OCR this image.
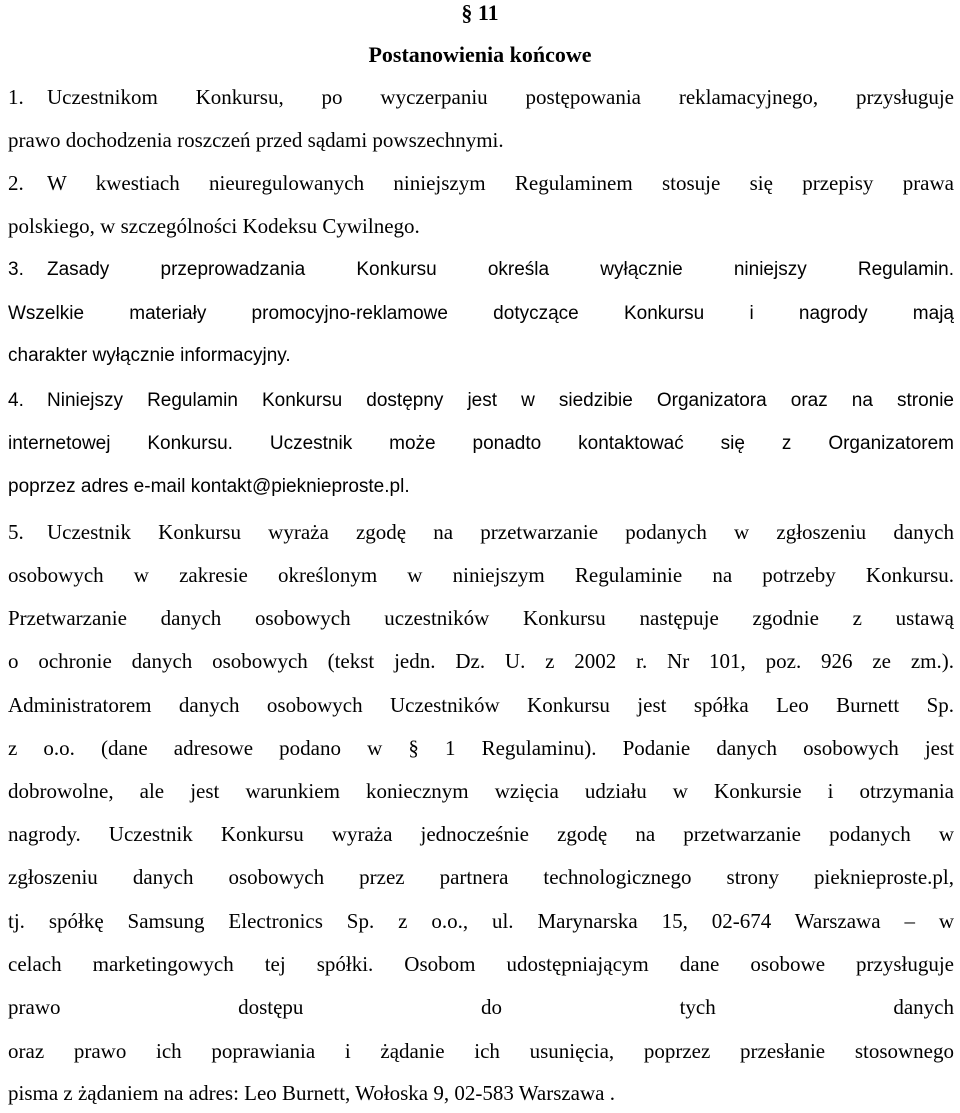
§ 11
Postanowienia końcowe
1. Uczestnikom Konkursu, po wyczerpaniu postępowania reklamacyjnego, przysługuje
prawo dochodzenia roszczeń przed sądami powszechnymi.
2. W kwestiach nieuregulowanych niniejszym Regulaminem stosuje się przepisy prawa
polskiego, w szczególności Kodeksu Cywilnego.
3. Zasady przeprowadzania Konkursu określa wyłącznie niniejszy Regulamin.
Wszelkie materiały promocyjno-reklamowe dotyczące Konkursu i nagrody mają
charakter wyłącznie informacyjny.
4. Niniejszy Regulamin Konkursu dostępny jest w siedzibie Organizatora oraz na stronie
internetowej Konkursu. Uczestnik może ponadto kontaktować się z Organizatorem
poprzez adres e-mail kontakt@pieknieproste.pl.
5. Uczestnik Konkursu wyraża zgodę na przetwarzanie podanych w zgłoszeniu danych
osobowych w zakresie określonym w niniejszym Regulaminie na potrzeby Konkursu.
Przetwarzanie danych osobowych uczestników Konkursu następuje zgodnie z ustawą
o ochronie danych osobowych (tekst jedn. Dz. U. z 2002 r. Nr 101, poz. 926 ze zm.).
Administratorem danych osobowych Uczestników Konkursu jest spółka Leo Burnett Sp.
z o.o. (dane adresowe podano w § 1 Regulaminu). Podanie danych osobowych jest
dobrowolne, ale jest warunkiem koniecznym wzięcia udziału w Konkursie i otrzymania
nagrody. Uczestnik Konkursu wyraża jednocześnie zgodę na przetwarzanie podanych w
zgłoszeniu danych osobowych przez partnera technologicznego strony pieknieproste.pl,
tj. spółkę Samsung Electronics Sp. z o.o., ul. Marynarska 15, 02-674 Warszawa – w
celach marketingowych tej spółki. Osobom udostępniającym dane osobowe przysługuje
prawo dostępu do tych danych
oraz prawo ich poprawiania i żądanie ich usunięcia, poprzez przesłanie stosownego
pisma z żądaniem na adres: Leo Burnett, Wołoska 9, 02-583 Warszawa .
